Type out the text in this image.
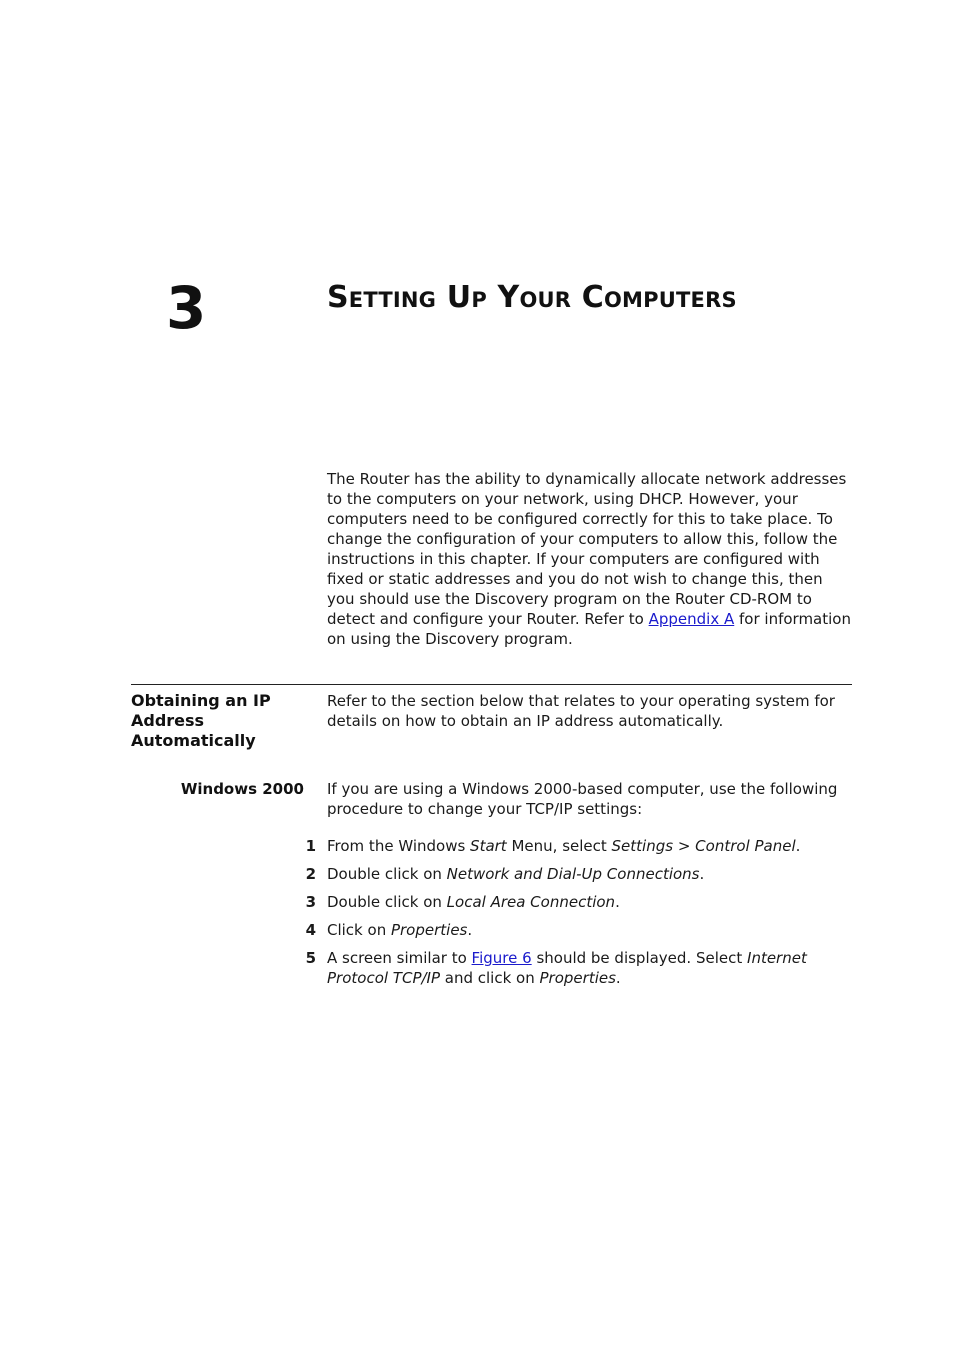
3	Setting Up Your Computers
The Router has the ability to dynamically allocate network addresses to the computers on your network, using DHCP. However, your computers need to be configured correctly for this to take place. To change the configuration of your computers to allow this, follow the instructions in this chapter. If your computers are configured with fixed or static addresses and you do not wish to change this, then you should use the Discovery program on the Router CD-ROM to detect and configure your Router. Refer to Appendix A for information on using the Discovery program.
Obtaining an IP Address Automatically
Refer to the section below that relates to your operating system for details on how to obtain an IP address automatically.
Windows 2000 If you are using a Windows 2000-based computer, use the following procedure to change your TCP/IP settings:
1 From the Windows Start Menu, select Settings > Control Panel.
2 Double click on Network and Dial-Up Connections.
3 Double click on Local Area Connection.
4 Click on Properties.
5 A screen similar to Figure 6 should be displayed. Select Internet Protocol TCP/IP and click on Properties.
